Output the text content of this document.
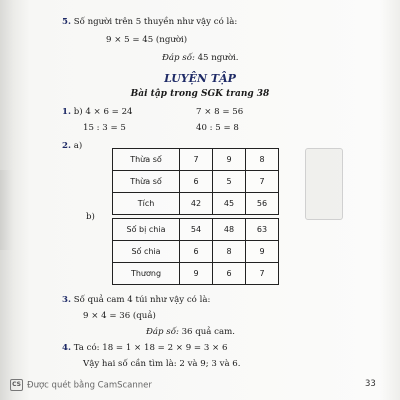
5. Số người trên 5 thuyền như vậy có là:
9 × 5 = 45 (người)
Đáp số: 45 người.
LUYỆN TẬP
Bài tập trong SGK trang 38
1. b) 4 × 6 = 24	7 × 8 = 56
15 : 3 = 5	40 : 5 = 8
2. a)
Thừa số	7	9	8
Thừa số	6	5	7
Tích	42	45	56
b)
Số bị chia	54	48	63
Số chia	6	8	9
Thương	9	6	7
3. Số quả cam 4 túi như vậy có là:
9 × 4 = 36 (quả)
Đáp số: 36 quả cam.
4. Ta có: 18 = 1 × 18 = 2 × 9 = 3 × 6
Vậy hai số cần tìm là: 2 và 9; 3 và 6.
CS Được quét bằng CamScanner	33
